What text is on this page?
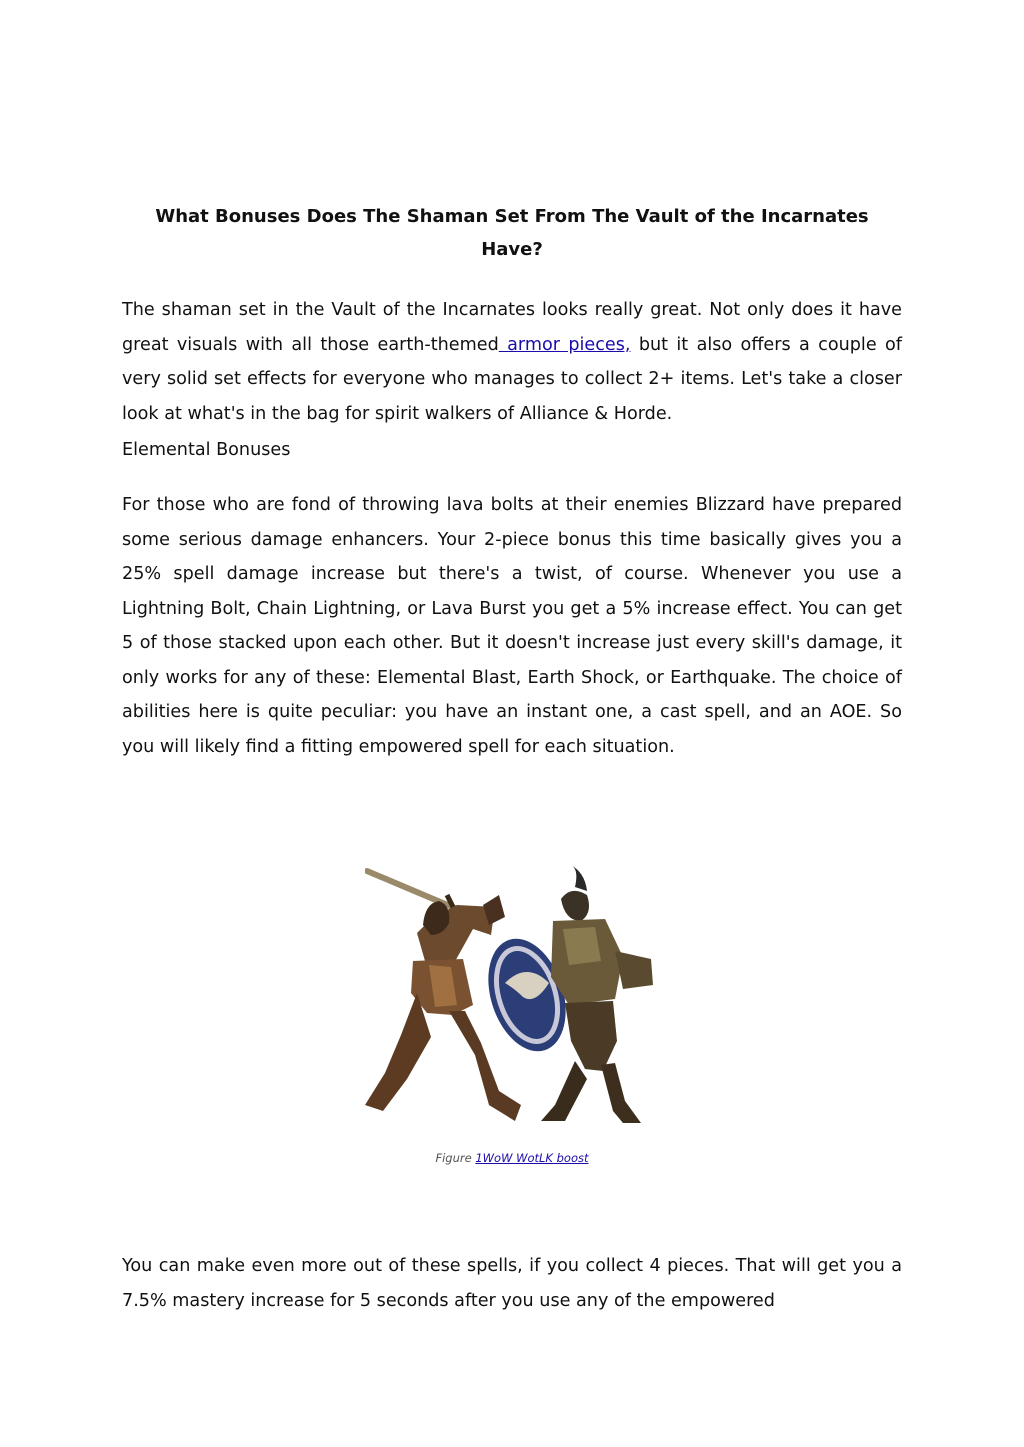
What Bonuses Does The Shaman Set From The Vault of the Incarnates Have?

The shaman set in the Vault of the Incarnates looks really great. Not only does it have great visuals with all those earth-themed armor pieces, but it also offers a couple of very solid set effects for everyone who manages to collect 2+ items. Let's take a closer look at what's in the bag for spirit walkers of Alliance & Horde.

Elemental Bonuses

For those who are fond of throwing lava bolts at their enemies Blizzard have prepared some serious damage enhancers. Your 2-piece bonus this time basically gives you a 25% spell damage increase but there's a twist, of course. Whenever you use a Lightning Bolt, Chain Lightning, or Lava Burst you get a 5% increase effect. You can get 5 of those stacked upon each other. But it doesn't increase just every skill's damage, it only works for any of these: Elemental Blast, Earth Shock, or Earthquake. The choice of abilities here is quite peculiar: you have an instant one, a cast spell, and an AOE. So you will likely find a fitting empowered spell for each situation.

Figure 1WoW WotLK boost

You can make even more out of these spells, if you collect 4 pieces. That will get you a 7.5% mastery increase for 5 seconds after you use any of the empowered
